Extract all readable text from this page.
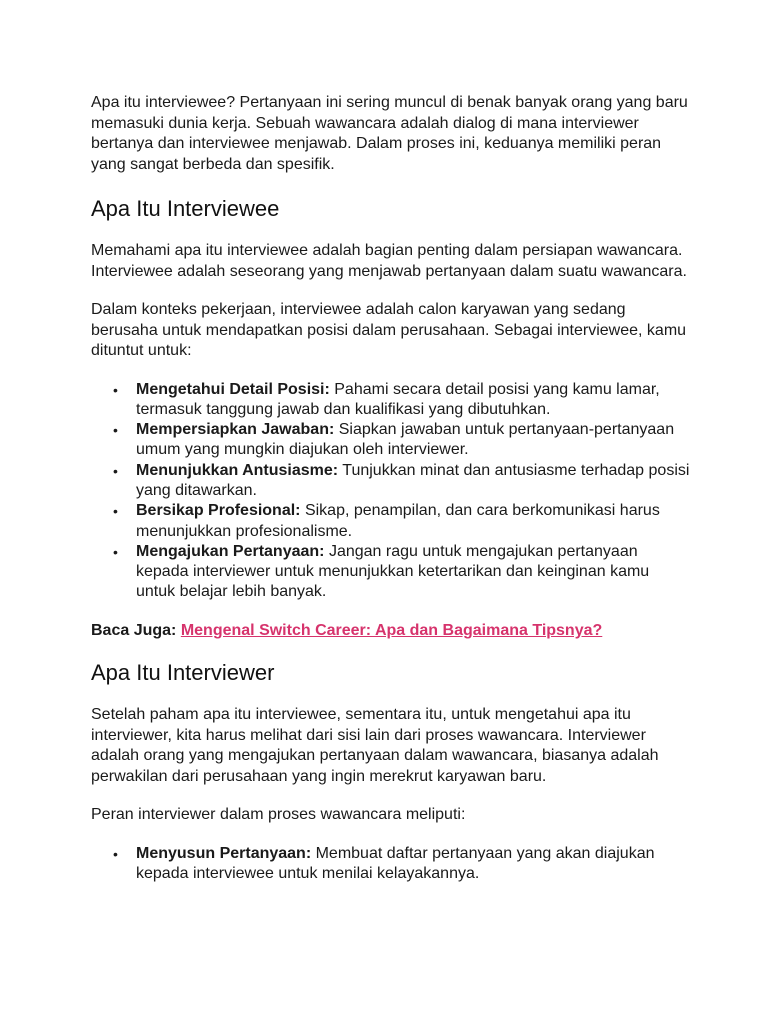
Apa itu interviewee? Pertanyaan ini sering muncul di benak banyak orang yang baru memasuki dunia kerja. Sebuah wawancara adalah dialog di mana interviewer bertanya dan interviewee menjawab. Dalam proses ini, keduanya memiliki peran yang sangat berbeda dan spesifik.

Apa Itu Interviewee

Memahami apa itu interviewee adalah bagian penting dalam persiapan wawancara. Interviewee adalah seseorang yang menjawab pertanyaan dalam suatu wawancara.

Dalam konteks pekerjaan, interviewee adalah calon karyawan yang sedang berusaha untuk mendapatkan posisi dalam perusahaan. Sebagai interviewee, kamu dituntut untuk:

• Mengetahui Detail Posisi: Pahami secara detail posisi yang kamu lamar, termasuk tanggung jawab dan kualifikasi yang dibutuhkan.
• Mempersiapkan Jawaban: Siapkan jawaban untuk pertanyaan-pertanyaan umum yang mungkin diajukan oleh interviewer.
• Menunjukkan Antusiasme: Tunjukkan minat dan antusiasme terhadap posisi yang ditawarkan.
• Bersikap Profesional: Sikap, penampilan, dan cara berkomunikasi harus menunjukkan profesionalisme.
• Mengajukan Pertanyaan: Jangan ragu untuk mengajukan pertanyaan kepada interviewer untuk menunjukkan ketertarikan dan keinginan kamu untuk belajar lebih banyak.

Baca Juga: Mengenal Switch Career: Apa dan Bagaimana Tipsnya?

Apa Itu Interviewer

Setelah paham apa itu interviewee, sementara itu, untuk mengetahui apa itu interviewer, kita harus melihat dari sisi lain dari proses wawancara. Interviewer adalah orang yang mengajukan pertanyaan dalam wawancara, biasanya adalah perwakilan dari perusahaan yang ingin merekrut karyawan baru.

Peran interviewer dalam proses wawancara meliputi:

• Menyusun Pertanyaan: Membuat daftar pertanyaan yang akan diajukan kepada interviewee untuk menilai kelayakannya.
